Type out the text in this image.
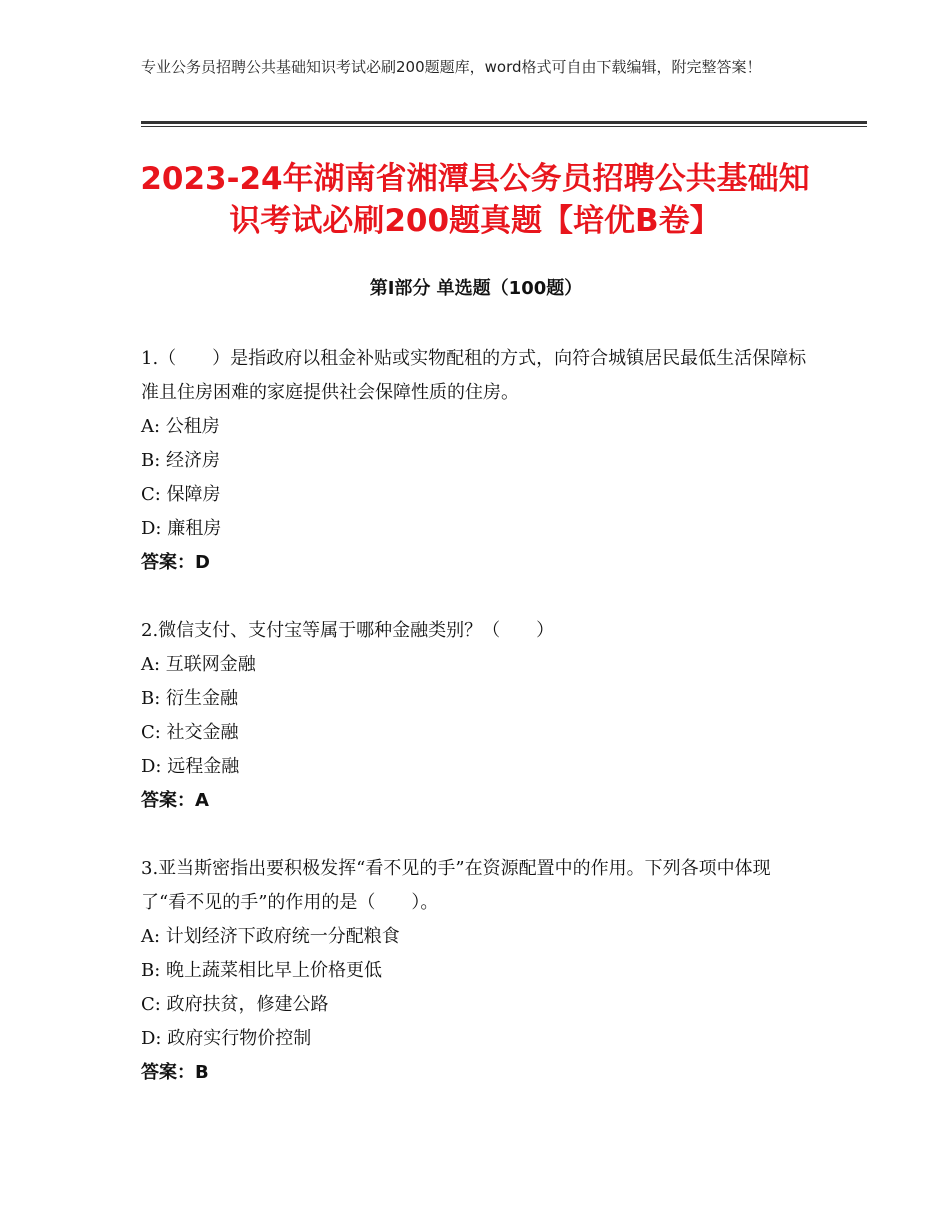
专业公务员招聘公共基础知识考试必刷200题题库，word格式可自由下载编辑，附完整答案！
2023-24年湖南省湘潭县公务员招聘公共基础知识考试必刷200题真题【培优B卷】
第Ⅰ部分 单选题（100题）

1.（　　）是指政府以租金补贴或实物配租的方式，向符合城镇居民最低生活保障标准且住房困难的家庭提供社会保障性质的住房。

A: 公租房

B: 经济房

C: 保障房

D: 廉租房

答案：D

2.微信支付、支付宝等属于哪种金融类别？（　　）

A: 互联网金融

B: 衍生金融

C: 社交金融

D: 远程金融

答案：A

3.亚当斯密指出要积极发挥“看不见的手”在资源配置中的作用。下列各项中体现了“看不见的手”的作用的是（　　）。

A: 计划经济下政府统一分配粮食

B: 晚上蔬菜相比早上价格更低

C: 政府扶贫，修建公路

D: 政府实行物价控制

答案：B
